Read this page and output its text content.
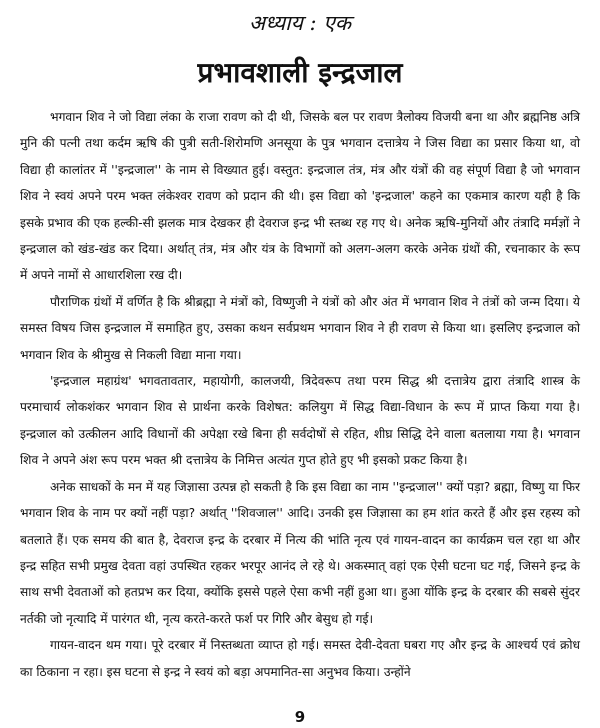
अध्याय : एक
प्रभावशाली इन्द्रजाल

भगवान शिव ने जो विद्या लंका के राजा रावण को दी थी, जिसके बल पर रावण त्रैलोक्य विजयी बना था और ब्रह्मनिष्ठ अत्रि मुनि की पत्नी तथा कर्दम ऋषि की पुत्री सती-शिरोमणि अनसूया के पुत्र भगवान दत्तात्रेय ने जिस विद्या का प्रसार किया था, वो विद्या ही कालांतर में ''इन्द्रजाल'' के नाम से विख्यात हुई। वस्तुत: इन्द्रजाल तंत्र, मंत्र और यंत्रों की वह संपूर्ण विद्या है जो भगवान शिव ने स्वयं अपने परम भक्त लंकेश्वर रावण को प्रदान की थी। इस विद्या को 'इन्द्रजाल' कहने का एकमात्र कारण यही है कि इसके प्रभाव की एक हल्की-सी झलक मात्र देखकर ही देवराज इन्द्र भी स्तब्ध रह गए थे। अनेक ऋषि-मुनियों और तंत्रादि मर्मज्ञों ने इन्द्रजाल को खंड-खंड कर दिया। अर्थात् तंत्र, मंत्र और यंत्र के विभागों को अलग-अलग करके अनेक ग्रंथों की, रचनाकार के रूप में अपने नामों से आधारशिला रख दी।

पौराणिक ग्रंथों में वर्णित है कि श्रीब्रह्मा ने मंत्रों को, विष्णुजी ने यंत्रों को और अंत में भगवान शिव ने तंत्रों को जन्म दिया। ये समस्त विषय जिस इन्द्रजाल में समाहित हुए, उसका कथन सर्वप्रथम भगवान शिव ने ही रावण से किया था। इसलिए इन्द्रजाल को भगवान शिव के श्रीमुख से निकली विद्या माना गया।

'इन्द्रजाल महाग्रंथ' भगवतावतार, महायोगी, कालजयी, त्रिदेवरूप तथा परम सिद्ध श्री दत्तात्रेय द्वारा तंत्रादि शास्त्र के परमाचार्य लोकशंकर भगवान शिव से प्रार्थना करके विशेषत: कलियुग में सिद्ध विद्या-विधान के रूप में प्राप्त किया गया है। इन्द्रजाल को उत्कीलन आदि विधानों की अपेक्षा रखे बिना ही सर्वदोषों से रहित, शीघ्र सिद्धि देने वाला बतलाया गया है। भगवान शिव ने अपने अंश रूप परम भक्त श्री दत्तात्रेय के निमित्त अत्यंत गुप्त होते हुए भी इसको प्रकट किया है।

अनेक साधकों के मन में यह जिज्ञासा उत्पन्न हो सकती है कि इस विद्या का नाम ''इन्द्रजाल'' क्यों पड़ा? ब्रह्मा, विष्णु या फिर भगवान शिव के नाम पर क्यों नहीं पड़ा? अर्थात् ''शिवजाल'' आदि। उनकी इस जिज्ञासा का हम शांत करते हैं और इस रहस्य को बतलाते हैं। एक समय की बात है, देवराज इन्द्र के दरबार में नित्य की भांति नृत्य एवं गायन-वादन का कार्यक्रम चल रहा था और इन्द्र सहित सभी प्रमुख देवता वहां उपस्थित रहकर भरपूर आनंद ले रहे थे। अकस्मात् वहां एक ऐसी घटना घट गई, जिसने इन्द्र के साथ सभी देवताओं को हतप्रभ कर दिया, क्योंकि इससे पहले ऐसा कभी नहीं हुआ था। हुआ योंकि इन्द्र के दरबार की सबसे सुंदर नर्तकी जो नृत्यादि में पारंगत थी, नृत्य करते-करते फर्श पर गिरि और बेसुध हो गई।

गायन-वादन थम गया। पूरे दरबार में निस्तब्धता व्याप्त हो गई। समस्त देवी-देवता घबरा गए और इन्द्र के आश्चर्य एवं क्रोध का ठिकाना न रहा। इस घटना से इन्द्र ने स्वयं को बड़ा अपमानित-सा अनुभव किया। उन्होंने

9
